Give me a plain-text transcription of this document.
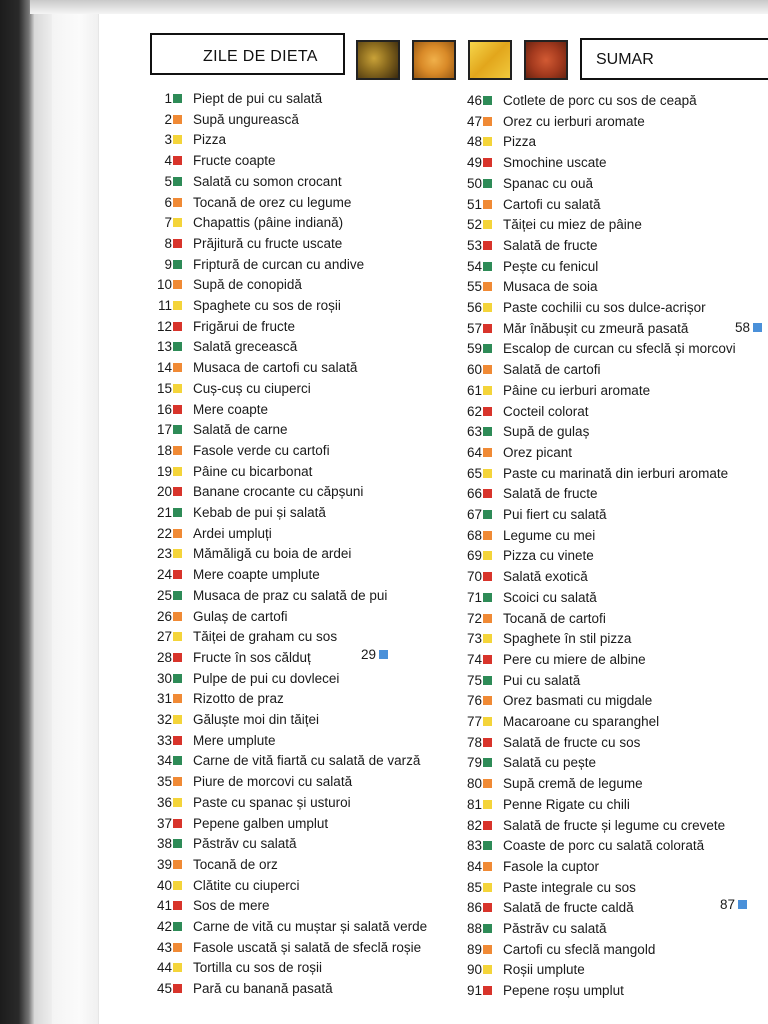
ZILE DE DIETA	SUMAR
1 Piept de pui cu salată
2 Supă ungurească
3 Pizza
4 Fructe coapte
5 Salată cu somon crocant
6 Tocană de orez cu legume
7 Chapattis (pâine indiană)
8 Prăjitură cu fructe uscate
9 Friptură de curcan cu andive
10 Supă de conopidă
11 Spaghete cu sos de roșii
12 Frigărui de fructe
13 Salată grecească
14 Musaca de cartofi cu salată
15 Cuș-cuș cu ciuperci
16 Mere coapte
17 Salată de carne
18 Fasole verde cu cartofi
19 Pâine cu bicarbonat
20 Banane crocante cu căpșuni
21 Kebab de pui și salată
22 Ardei umpluți
23 Mămăligă cu boia de ardei
24 Mere coapte umplute
25 Musaca de praz cu salată de pui
26 Gulaș de cartofi
27 Tăiței de graham cu sos
28 Fructe în sos călduț
30 Pulpe de pui cu dovlecei
31 Rizotto de praz
32 Găluște moi din tăiței
33 Mere umplute
34 Carne de vită fiartă cu salată de varză
35 Piure de morcovi cu salată
36 Paste cu spanac și usturoi
37 Pepene galben umplut
38 Păstrăv cu salată
39 Tocană de orz
40 Clătite cu ciuperci
41 Sos de mere
42 Carne de vită cu muștar și salată verde
43 Fasole uscată și salată de sfeclă roșie
44 Tortilla cu sos de roșii
45 Pară cu banană pasată
46 Cotlete de porc cu sos de ceapă
47 Orez cu ierburi aromate
48 Pizza
49 Smochine uscate
50 Spanac cu ouă
51 Cartofi cu salată
52 Tăiței cu miez de pâine
53 Salată de fructe
54 Pește cu fenicul
55 Musaca de soia
56 Paste cochilii cu sos dulce-acrișor
57 Măr înăbușit cu zmeură pasată
59 Escalop de curcan cu sfeclă și morcovi
60 Salată de cartofi
61 Pâine cu ierburi aromate
62 Cocteil colorat
63 Supă de gulaș
64 Orez picant
65 Paste cu marinată din ierburi aromate
66 Salată de fructe
67 Pui fiert cu salată
68 Legume cu mei
69 Pizza cu vinete
70 Salată exotică
71 Scoici cu salată
72 Tocană de cartofi
73 Spaghete în stil pizza
74 Pere cu miere de albine
75 Pui cu salată
76 Orez basmati cu migdale
77 Macaroane cu sparanghel
78 Salată de fructe cu sos
79 Salată cu pește
80 Supă cremă de legume
81 Penne Rigate cu chili
82 Salată de fructe și legume cu crevete
83 Coaste de porc cu salată colorată
84 Fasole la cuptor
85 Paste integrale cu sos
86 Salată de fructe caldă
88 Păstrăv cu salată
89 Cartofi cu sfeclă mangold
90 Roșii umplute
91 Pepene roșu umplut
29
58
87
